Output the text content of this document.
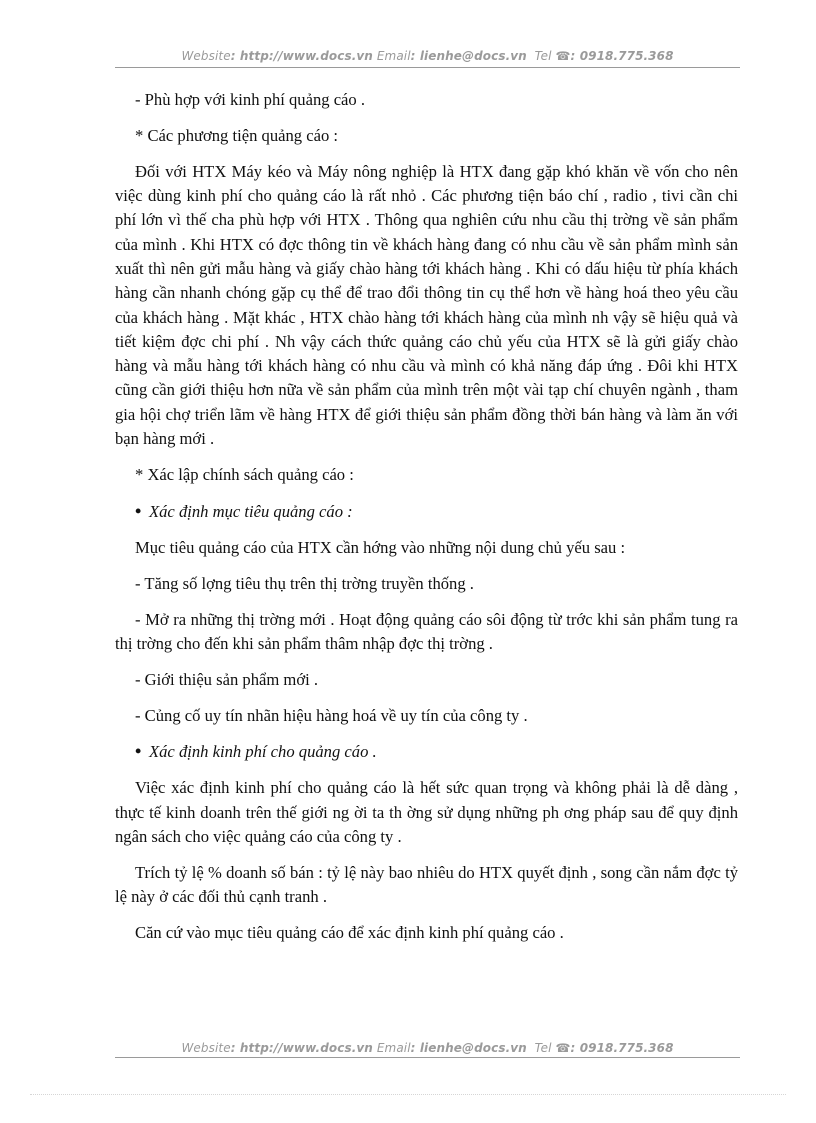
Website: http://www.docs.vn Email: lienhe@docs.vn Tel ☎: 0918.775.368

- Phù hợp với kinh phí quảng cáo .

* Các phương tiện quảng cáo :

Đối với HTX Máy kéo và Máy nông nghiệp là HTX đang gặp khó khăn về vốn cho nên việc dùng kinh phí cho quảng cáo là rất nhỏ . Các phương tiện báo chí , radio , tivi cần chi phí lớn vì thế cha phù hợp với HTX . Thông qua nghiên cứu nhu cầu thị trờng về sản phẩm của mình . Khi HTX có đợc thông tin về khách hàng đang có nhu cầu về sản phẩm mình sản xuất thì nên gửi mẫu hàng và giấy chào hàng tới khách hàng . Khi có dấu hiệu từ phía khách hàng cần nhanh chóng gặp cụ thể để trao đổi thông tin cụ thể hơn về hàng hoá theo yêu cầu của khách hàng . Mặt khác , HTX chào hàng tới khách hàng của mình nh vậy sẽ hiệu quả và tiết kiệm đợc chi phí . Nh vậy cách thức quảng cáo chủ yếu của HTX sẽ là gửi giấy chào hàng và mẫu hàng tới khách hàng có nhu cầu và mình có khả năng đáp ứng . Đôi khi HTX cũng cần giới thiệu hơn nữa về sản phẩm của mình trên một vài tạp chí chuyên ngành , tham gia hội chợ triển lãm về hàng HTX để giới thiệu sản phẩm đồng thời bán hàng và làm ăn với bạn hàng mới .

* Xác lập chính sách quảng cáo :

•Xác định mục tiêu quảng cáo :

Mục tiêu quảng cáo của HTX cần hớng vào những nội dung chủ yếu sau :

- Tăng số lợng tiêu thụ trên thị trờng truyền thống .

- Mở ra những thị trờng mới . Hoạt động quảng cáo sôi động từ trớc khi sản phẩm tung ra thị trờng cho đến khi sản phẩm thâm nhập đợc thị trờng .

- Giới thiệu sản phẩm mới .

- Củng cố uy tín nhãn hiệu hàng hoá về uy tín của công ty .

•Xác định kinh phí cho quảng cáo .

Việc xác định kinh phí cho quảng cáo là hết sức quan trọng và không phải là dễ dàng , thực tế kinh doanh trên thế giới ng ời ta th ờng sử dụng những ph ơng pháp sau để quy định ngân sách cho việc quảng cáo của công ty .

Trích tỷ lệ % doanh số bán : tỷ lệ này bao nhiêu do HTX quyết định , song cần nắm đợc tỷ lệ này ở các đối thủ cạnh tranh .

Căn cứ vào mục tiêu quảng cáo để xác định kinh phí quảng cáo .

Website: http://www.docs.vn Email: lienhe@docs.vn Tel ☎: 0918.775.368
